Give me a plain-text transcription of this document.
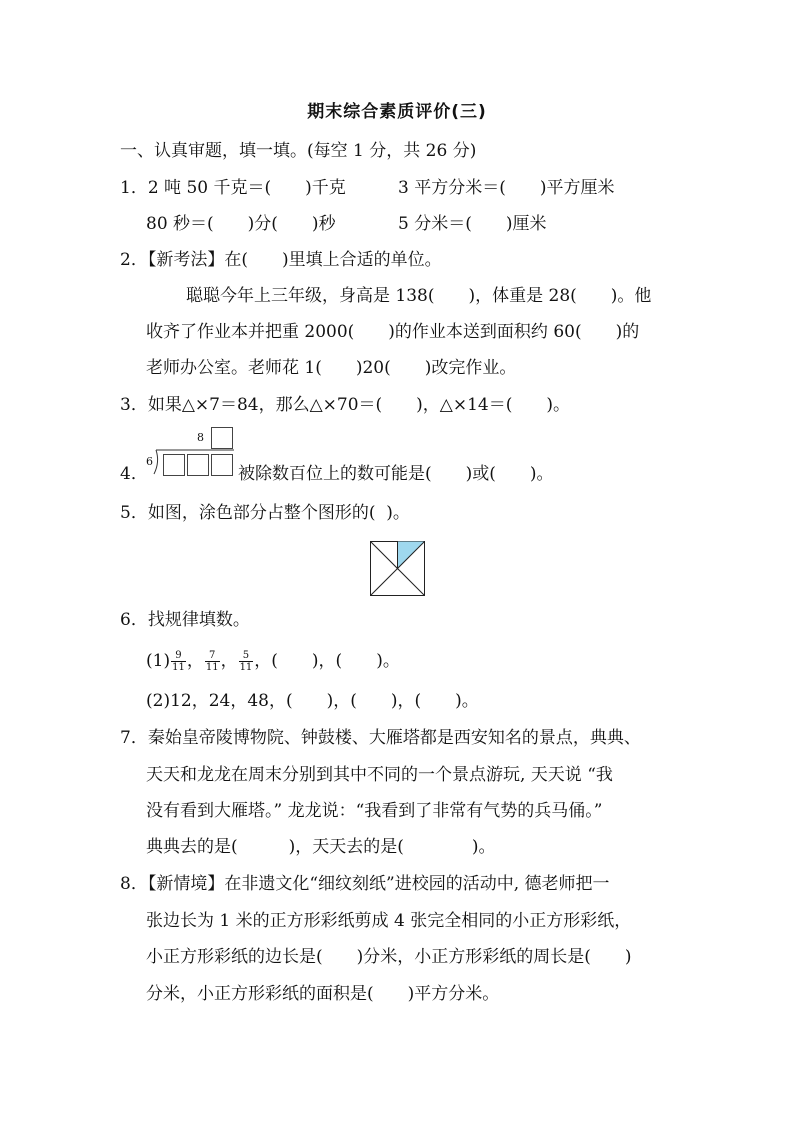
期末综合素质评价(三)
一、认真审题，填一填。(每空 1 分，共 26 分)
1．2 吨 50 千克＝(　　)千克	3 平方分米＝(　　)平方厘米
80 秒＝(　　)分(　　)秒	5 分米＝(　　)厘米
2．【新考法】在(　　)里填上合适的单位。
聪聪今年上三年级，身高是 138(　　)，体重是 28(　　)。他
收齐了作业本并把重 2000(　　)的作业本送到面积约 60(　　)的
老师办公室。老师花 1(　　)20(　　)改完作业。
3．如果△×7＝84，那么△×70＝(　　)，△×14＝(　　)。
8
6
4．	被除数百位上的数可能是(　　)或(　　)。
5．如图，涂色部分占整个图形的(  )。
6．找规律填数。
$(1) \frac{9}{11}$ ， $\frac{7}{11}$ ， $\frac{5}{11}$ ，(　　)，(　　)。
(2)12，24，48，(　　)，(　　)，(　　)。
7．秦始皇帝陵博物院、钟鼓楼、大雁塔都是西安知名的景点，典典、
天天和龙龙在周末分别到其中不同的一个景点游玩, 天天说 “我
没有看到大雁塔。” 龙龙说：“我看到了非常有气势的兵马俑。”
典典去的是(　　　)，天天去的是(　　　　)。
8．【新情境】在非遗文化“细纹刻纸”进校园的活动中, 德老师把一
张边长为 1 米的正方形彩纸剪成 4 张完全相同的小正方形彩纸，
小正方形彩纸的边长是(　　)分米，小正方形彩纸的周长是(　　)
分米，小正方形彩纸的面积是(　　)平方分米。
